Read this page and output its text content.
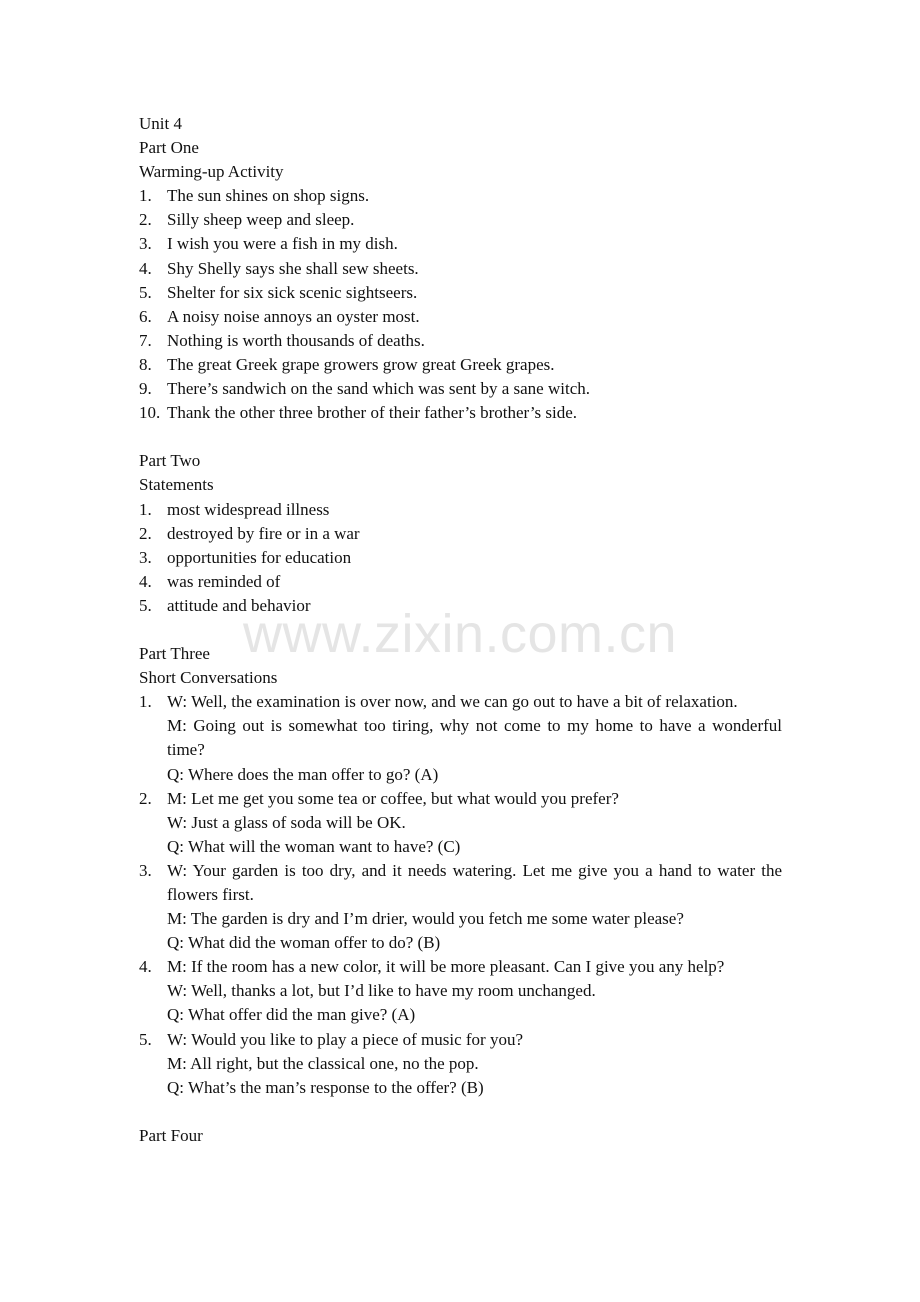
Unit 4
Part One
Warming-up Activity
1. The sun shines on shop signs.
2. Silly sheep weep and sleep.
3. I wish you were a fish in my dish.
4. Shy Shelly says she shall sew sheets.
5. Shelter for six sick scenic sightseers.
6. A noisy noise annoys an oyster most.
7. Nothing is worth thousands of deaths.
8. The great Greek grape growers grow great Greek grapes.
9. There’s sandwich on the sand which was sent by a sane witch.
10. Thank the other three brother of their father’s brother’s side.
Part Two
Statements
1. most widespread illness
2. destroyed by fire or in a war
3. opportunities for education
4. was reminded of
5. attitude and behavior
Part Three
Short Conversations
1. W: Well, the examination is over now, and we can go out to have a bit of relaxation.
M: Going out is somewhat too tiring, why not come to my home to have a wonderful time?
Q: Where does the man offer to go? (A)
2. M: Let me get you some tea or coffee, but what would you prefer?
W: Just a glass of soda will be OK.
Q: What will the woman want to have? (C)
3. W: Your garden is too dry, and it needs watering. Let me give you a hand to water the flowers first.
M: The garden is dry and I’m drier, would you fetch me some water please?
Q: What did the woman offer to do? (B)
4. M: If the room has a new color, it will be more pleasant. Can I give you any help?
W: Well, thanks a lot, but I’d like to have my room unchanged.
Q: What offer did the man give? (A)
5. W: Would you like to play a piece of music for you?
M: All right, but the classical one, no the pop.
Q: What’s the man’s response to the offer? (B)
Part Four
www.zixin.com.cn
